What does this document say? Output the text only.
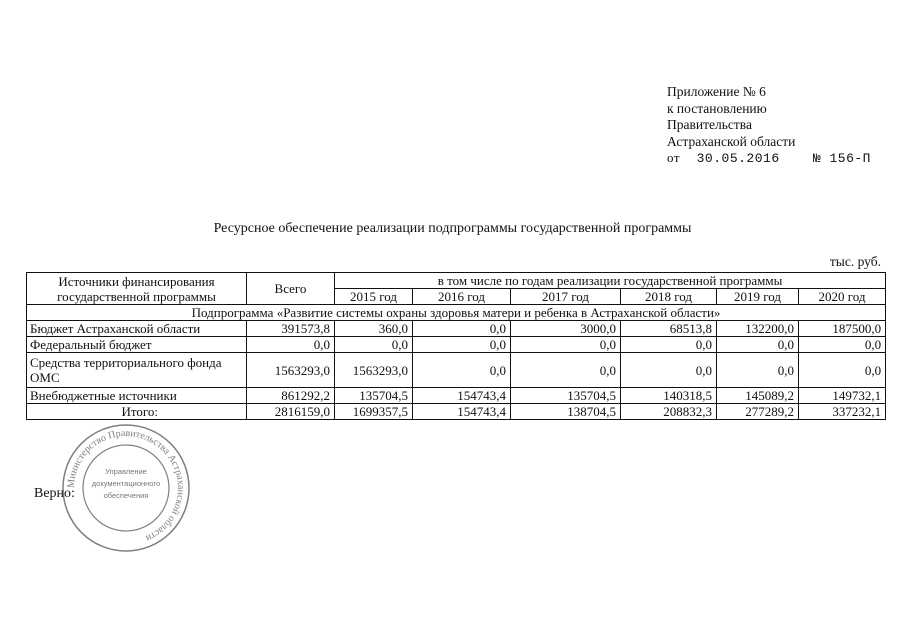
Приложение № 6
к постановлению
Правительства
Астраханской области
от 30.05.2016	№ 156-П
Ресурсное обеспечение реализации подпрограммы государственной программы
тыс. руб.
Источники финансирования государственной программы	Всего	в том числе по годам реализации государственной программы					
		2015 год	2016 год	2017 год	2018 год	2019 год	2020 год
Подпрограмма «Развитие системы охраны здоровья матери и ребенка в Астраханской области»							
Бюджет Астраханской области	391573,8	360,0	0,0	3000,0	68513,8	132200,0	187500,0
Федеральный бюджет	0,0	0,0	0,0	0,0	0,0	0,0	0,0
Средства территориального фонда ОМС	1563293,0	1563293,0	0,0	0,0	0,0	0,0	0,0
Внебюджетные источники	861292,2	135704,5	154743,4	135704,5	140318,5	145089,2	149732,1
Итого:	2816159,0	1699357,5	154743,4	138704,5	208832,3	277289,2	337232,1
Верно:
Министерство Правительства Астраханской области
Управление
документационного
обеспечения
